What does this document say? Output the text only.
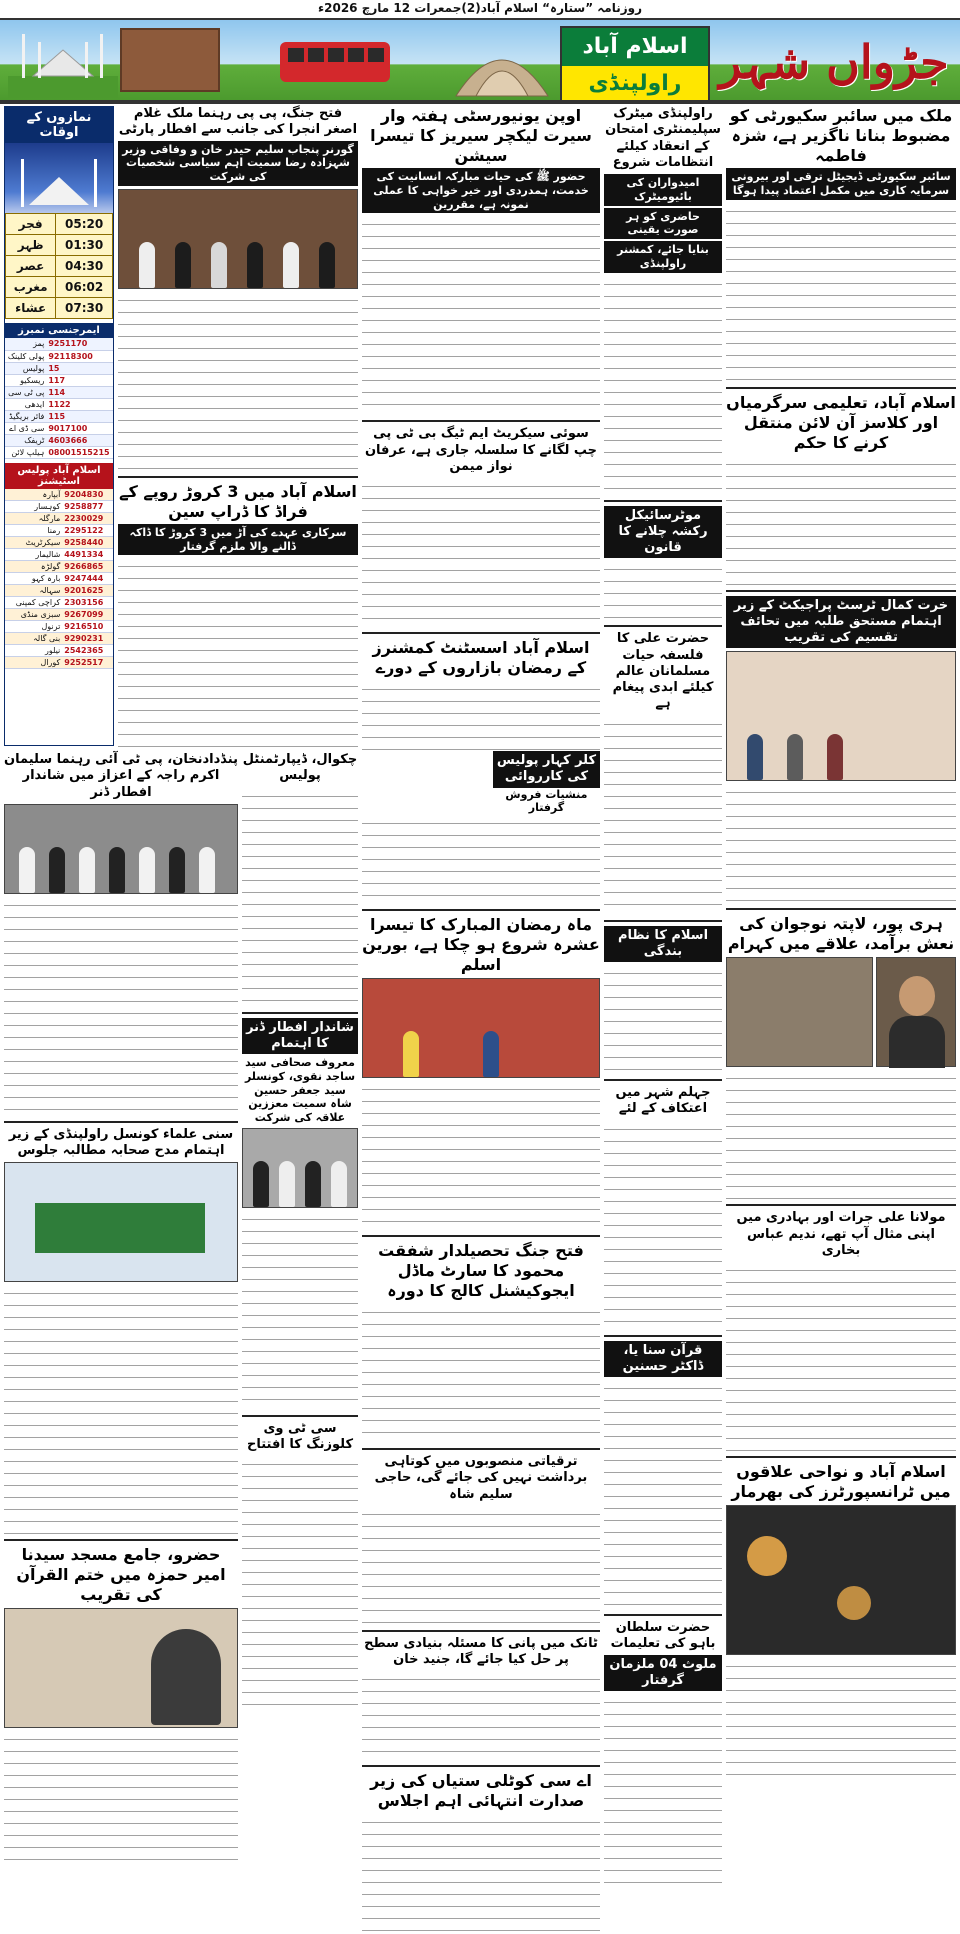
روزنامہ ”ستارہ“ اسلام آباد(2)جمعرات 12 مارچ 2026ء
اسلام آباد
راولپنڈی جڑواں شہر
ملک میں سائبر سکیورٹی کو مضبوط بنانا ناگزیر ہے، شزہ فاطمہ
سائبر سکیورٹی ڈیجیٹل ترقی اور بیرونی سرمایہ کاری میں مکمل اعتماد پیدا ہوگا
اسلام آباد، تعلیمی سرگرمیاں اور کلاسز آن لائن منتقل کرنے کا حکم
خرت کمال ٹرسٹ پراجیکٹ کے زیر اہتمام مستحق طلبہ میں تحائف تقسیم کی تقریب
ہری پور، لاپتہ نوجوان کی نعش برآمد، علاقے میں کہرام
مولانا علی جرات اور بہادری میں اپنی مثال آپ تھے، ندیم عباس بخاری
اسلام آباد و نواحی علاقوں میں ٹرانسپورٹرز کی بھرمار
راولپنڈی میٹرک سپلیمنٹری امتحان کے انعقاد کیلئے انتظامات شروع
امیدواران کی بائیومیٹرک
حاضری کو ہر صورت یقینی
بنایا جائے، کمشنر راولپنڈی
موٹرسائیکل رکشہ چلانے کا قانون
حضرت علی کا فلسفہ حیات مسلمانان عالم کیلئے ابدی پیغام ہے
اسلام کا نظام بندگی
جہلم شہر میں اعتکاف کے لئے
قرآن سنا یا، ڈاکٹر حسنین
حضرت سلطان باہو کی تعلیمات
ملوث 04 ملزمان گرفتار
اوپن یونیورسٹی ہفتہ وار سیرت لیکچر سیریز کا تیسرا سیشن
حضور ﷺ کی حیات مبارکہ انسانیت کی خدمت، ہمدردی اور خیر خواہی کا عملی نمونہ ہے، مقررین
سوئی سیکریٹ ایم ٹیگ بی ٹی پی چپ لگانے کا سلسلہ جاری ہے، عرفان نواز میمن
اسلام آباد اسسٹنٹ کمشنرز کے رمضان بازاروں کے دورے
کلر کہار پولیس کی کارروائی
منشیات فروش گرفتار
ماہ رمضان المبارک کا تیسرا عشرہ شروع ہو چکا ہے، بورین اسلم
فتح جنگ تحصیلدار شفقت محمود کا سارٹ ماڈل ایجوکیشنل کالج کا دورہ
ترقیاتی منصوبوں میں کوتاہی برداشت نہیں کی جائے گی، حاجی سلیم شاہ
ٹانک میں پانی کا مسئلہ بنیادی سطح پر حل کیا جائے گا، جنید خان
اے سی کوٹلی ستیاں کی زیر صدارت انتہائی اہم اجلاس
فتح جنگ، پی پی رہنما ملک غلام اصغر انجرا کی جانب سے افطار پارٹی
گورنر پنجاب سلیم حیدر خان و وفاقی وزیر شہزادہ رضا سمیت اہم سیاسی شخصیات کی شرکت
اسلام آباد میں 3 کروڑ روپے کے فراڈ کا ڈراپ سین
سرکاری عہدے کی آڑ میں 3 کروڑ کا ڈاکہ ڈالنے والا ملزم گرفتار
نمازوں کے اوقات
05:20	فجر
01:30	ظہر
04:30	عصر
06:02	مغرب
07:30	عشاء
ایمرجنسی نمبرز
9251170	پمز
92118300	پولی کلینک
15	پولیس
117	ریسکیو
114	پی ٹی سی
1122	ایدھی
115	فائر بریگیڈ
9017100	سی ڈی اے
4603666	ٹریفک
08001515215	ہیلپ لائن
اسلام آباد پولیس اسٹیشنز
9204830	آبپارہ
9258877	کوہسار
2230029	مارگلہ
2295122	رمنا
9258440	سیکرٹریٹ
4491334	شالیمار
9266865	گولڑہ
9247444	بارہ کہو
9201625	سہالہ
2303156	کراچی کمپنی
9267099	سبزی منڈی
9216510	ترنول
9290231	بنی گالہ
2542365	نیلور
9252517	کورال
پنڈدادنخان، پی ٹی آئی رہنما سلیمان اکرم راجہ کے اعزاز میں شاندار افطار ڈنر
سنی علماء کونسل راولپنڈی کے زیر اہتمام مدح صحابہ مطالبہ جلوس
حضرو، جامع مسجد سیدنا امیر حمزہ میں ختم القرآن کی تقریب
چکوال، ڈیپارٹمنٹل پولیس
شاندار افطار ڈنر کا اہتمام
معروف صحافی سید ساجد نقوی، کونسلر سید جعفر حسین شاہ سمیت معززین علاقہ کی شرکت
سی ٹی وی کلوزنگ کا افتتاح
